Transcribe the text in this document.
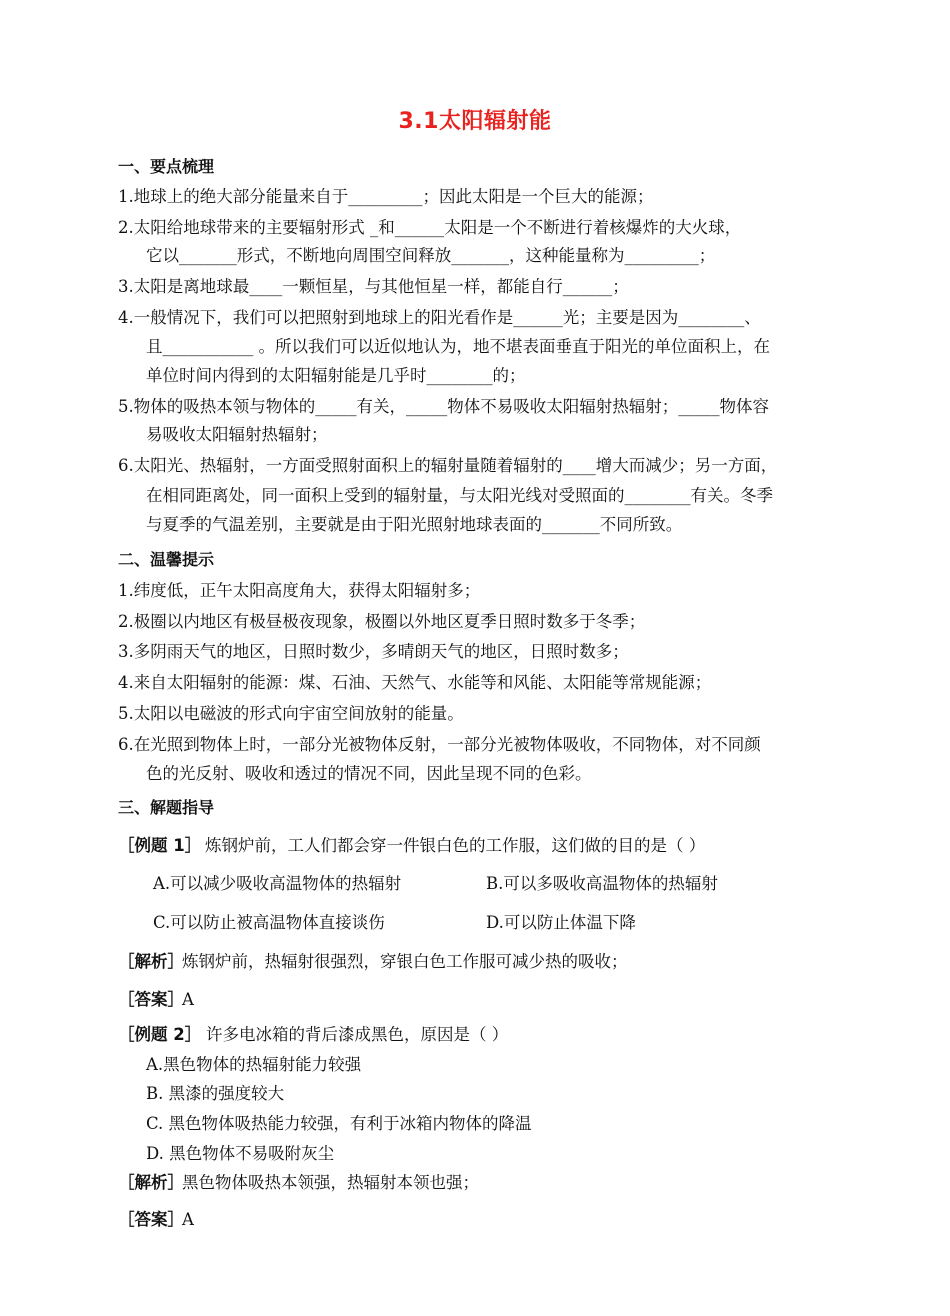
3.1太阳辐射能
一、要点梳理
1.地球上的绝大部分能量来自于_________；因此太阳是一个巨大的能源；
2.太阳给地球带来的主要辐射形式 _和______太阳是一个不断进行着核爆炸的大火球，
它以_______形式，不断地向周围空间释放_______，这种能量称为_________；
3.太阳是离地球最____一颗恒星，与其他恒星一样，都能自行______；
4.一般情况下，我们可以把照射到地球上的阳光看作是______光；主要是因为________、
且___________ 。所以我们可以近似地认为，地不堪表面垂直于阳光的单位面积上，在
单位时间内得到的太阳辐射能是几乎时________的；
5.物体的吸热本领与物体的_____有关，_____物体不易吸收太阳辐射热辐射；_____物体容
易吸收太阳辐射热辐射；
6.太阳光、热辐射，一方面受照射面积上的辐射量随着辐射的____增大而减少；另一方面，
在相同距离处，同一面积上受到的辐射量，与太阳光线对受照面的________有关。冬季
与夏季的气温差别，主要就是由于阳光照射地球表面的_______不同所致。
二、温馨提示
1.纬度低，正午太阳高度角大，获得太阳辐射多；
2.极圈以内地区有极昼极夜现象，极圈以外地区夏季日照时数多于冬季；
3.多阴雨天气的地区，日照时数少，多晴朗天气的地区，日照时数多；
4.来自太阳辐射的能源：煤、石油、天然气、水能等和风能、太阳能等常规能源；
5.太阳以电磁波的形式向宇宙空间放射的能量。
6.在光照到物体上时，一部分光被物体反射，一部分光被物体吸收，不同物体，对不同颜
色的光反射、吸收和透过的情况不同，因此呈现不同的色彩。
三、解题指导
［例题 1］ 炼钢炉前，工人们都会穿一件银白色的工作服，这们做的目的是（ ）
A.可以减少吸收高温物体的热辐射	B.可以多吸收高温物体的热辐射
C.可以防止被高温物体直接谈伤	D.可以防止体温下降
［解析］
炼钢炉前，热辐射很强烈，穿银白色工作服可减少热的吸收；
［答案］
A
［例题 2］ 许多电冰箱的背后漆成黑色，原因是（ ）
A.黑色物体的热辐射能力较强
B. 黑漆的强度较大
C. 黑色物体吸热能力较强，有利于冰箱内物体的降温
D. 黑色物体不易吸附灰尘
［解析］
黑色物体吸热本领强，热辐射本领也强；
［答案］
A
